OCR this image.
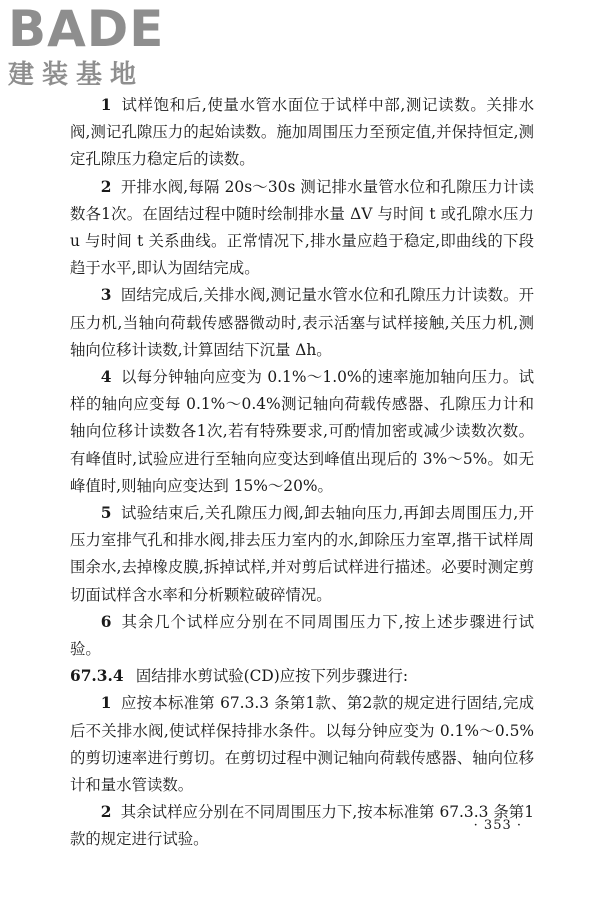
BADE
建装基地

1 试样饱和后,使量水管水面位于试样中部,测记读数。关排水阀,测记孔隙压力的起始读数。施加周围压力至预定值,并保持恒定,测定孔隙压力稳定后的读数。

2 开排水阀,每隔 20s～30s 测记排水量管水位和孔隙压力计读数各1次。在固结过程中随时绘制排水量 ΔV 与时间 t 或孔隙水压力 u 与时间 t 关系曲线。正常情况下,排水量应趋于稳定,即曲线的下段趋于水平,即认为固结完成。

3 固结完成后,关排水阀,测记量水管水位和孔隙压力计读数。开压力机,当轴向荷载传感器微动时,表示活塞与试样接触,关压力机,测轴向位移计读数,计算固结下沉量 Δh。

4 以每分钟轴向应变为 0.1%～1.0%的速率施加轴向压力。试样的轴向应变每 0.1%～0.4%测记轴向荷载传感器、孔隙压力计和轴向位移计读数各1次,若有特殊要求,可酌情加密或减少读数次数。有峰值时,试验应进行至轴向应变达到峰值出现后的 3%～5%。如无峰值时,则轴向应变达到 15%～20%。

5 试验结束后,关孔隙压力阀,卸去轴向压力,再卸去周围压力,开压力室排气孔和排水阀,排去压力室内的水,卸除压力室罩,揩干试样周围余水,去掉橡皮膜,拆掉试样,并对剪后试样进行描述。必要时测定剪切面试样含水率和分析颗粒破碎情况。

6 其余几个试样应分别在不同周围压力下,按上述步骤进行试验。

67.3.4 固结排水剪试验(CD)应按下列步骤进行:

1 应按本标准第 67.3.3 条第1款、第2款的规定进行固结,完成后不关排水阀,使试样保持排水条件。以每分钟应变为 0.1%～0.5%的剪切速率进行剪切。在剪切过程中测记轴向荷载传感器、轴向位移计和量水管读数。

2 其余试样应分别在不同周围压力下,按本标准第 67.3.3 条第1款的规定进行试验。

· 353 ·
